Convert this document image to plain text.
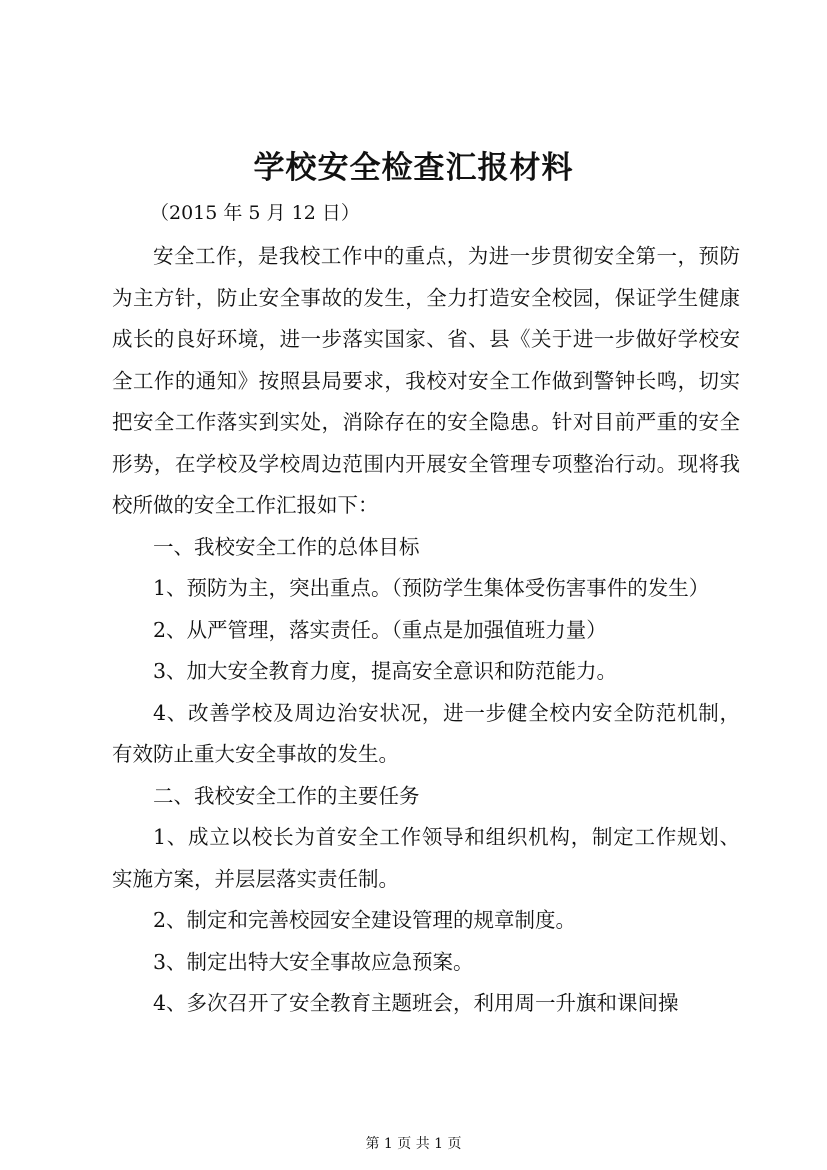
学校安全检查汇报材料
（2015 年 5 月 12 日）

安全工作，是我校工作中的重点，为进一步贯彻安全第一，预防为主方针，防止安全事故的发生，全力打造安全校园，保证学生健康成长的良好环境，进一步落实国家、省、县《关于进一步做好学校安全工作的通知》按照县局要求，我校对安全工作做到警钟长鸣，切实把安全工作落实到实处，消除存在的安全隐患。针对目前严重的安全形势，在学校及学校周边范围内开展安全管理专项整治行动。现将我校所做的安全工作汇报如下：

一、我校安全工作的总体目标

1、预防为主，突出重点。（预防学生集体受伤害事件的发生）

2、从严管理，落实责任。（重点是加强值班力量）

3、加大安全教育力度，提高安全意识和防范能力。

4、改善学校及周边治安状况，进一步健全校内安全防范机制，有效防止重大安全事故的发生。

二、我校安全工作的主要任务

1、成立以校长为首安全工作领导和组织机构，制定工作规划、实施方案，并层层落实责任制。

2、制定和完善校园安全建设管理的规章制度。

3、制定出特大安全事故应急预案。

4、多次召开了安全教育主题班会，利用周一升旗和课间操

第 1 页 共 1 页
